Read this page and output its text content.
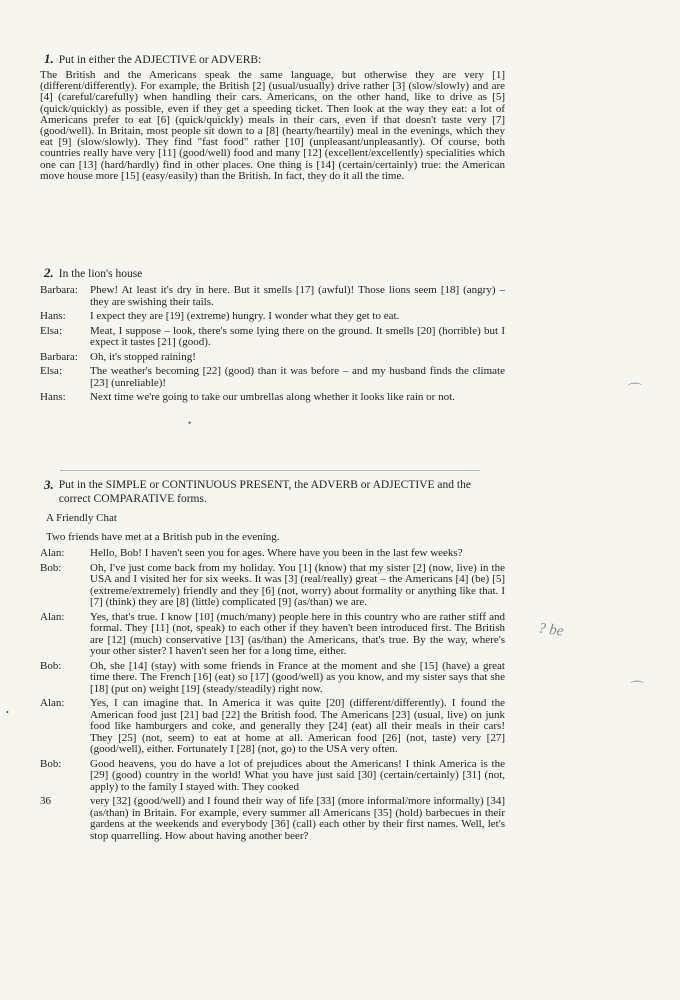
1. Put in either the ADJECTIVE or ADVERB:

The British and the Americans speak the same language, but otherwise they are very [1] (different/differently). For example, the British [2] (usual/usually) drive rather [3] (slow/slowly) and are [4] (careful/carefully) when handling their cars. Americans, on the other hand, like to drive as [5] (quick/quickly) as possible, even if they get a speeding ticket. Then look at the way they eat: a lot of Americans prefer to eat [6] (quick/quickly) meals in their cars, even if that doesn't taste very [7] (good/well). In Britain, most people sit down to a [8] (hearty/heartily) meal in the evenings, which they eat [9] (slow/slowly). They find "fast food" rather [10] (unpleasant/unpleasantly). Of course, both countries really have very [11] (good/well) food and many [12] (excellent/excellently) specialities which one can [13] (hard/hardly) find in other places. One thing is [14] (certain/certainly) true: the American move house more [15] (easy/easily) than the British. In fact, they do it all the time.

2. In the lion's house
Barbara:	Phew! At least it's dry in here. But it smells [17] (awful)! Those lions seem [18] (angry) – they are swishing their tails.
Hans:	I expect they are [19] (extreme) hungry. I wonder what they get to eat.
Elsa:	Meat, I suppose – look, there's some lying there on the ground. It smells [20] (horrible) but I expect it tastes [21] (good).
Barbara:	Oh, it's stopped raining!
Elsa:	The weather's becoming [22] (good) than it was before – and my husband finds the climate [23] (unreliable)!
Hans:	Next time we're going to take our umbrellas along whether it looks like rain or not.
3. Put in the SIMPLE or CONTINUOUS PRESENT, the ADVERB or ADJECTIVE and the correct COMPARATIVE forms.
A Friendly Chat
Two friends have met at a British pub in the evening.
Alan:	Hello, Bob! I haven't seen you for ages. Where have you been in the last few weeks?
Bob:	Oh, I've just come back from my holiday. You [1] (know) that my sister [2] (now, live) in the USA and I visited her for six weeks. It was [3] (real/really) great – the Americans [4] (be) [5] (extreme/extremely) friendly and they [6] (not, worry) about formality or anything like that. I [7] (think) they are [8] (little) complicated [9] (as/than) we are.
Alan:	Yes, that's true. I know [10] (much/many) people here in this country who are rather stiff and formal. They [11] (not, speak) to each other if they haven't been introduced first. The British are [12] (much) conservative [13] (as/than) the Americans, that's true. By the way, where's your other sister? I haven't seen her for a long time, either.
Bob:	Oh, she [14] (stay) with some friends in France at the moment and she [15] (have) a great time there. The French [16] (eat) so [17] (good/well) as you know, and my sister says that she [18] (put on) weight [19] (steady/steadily) right now.
Alan:	Yes, I can imagine that. In America it was quite [20] (different/differently). I found the American food just [21] bad [22] the British food. The Americans [23] (usual, live) on junk food like hamburgers and coke, and generally they [24] (eat) all their meals in their cars! They [25] (not, seem) to eat at home at all. American food [26] (not, taste) very [27] (good/well), either. Fortunately I [28] (not, go) to the USA very often.
Bob:	Good heavens, you do have a lot of prejudices about the Americans! I think America is the [29] (good) country in the world! What you have just said [30] (certain/certainly) [31] (not, apply) to the family I stayed with. They cooked
36	very [32] (good/well) and I found their way of life [33] (more informal/more informally) [34] (as/than) in Britain. For example, every summer all Americans [35] (hold) barbecues in their gardens at the weekends and everybody [36] (call) each other by their first names. Well, let's stop quarrelling. How about having another beer?
? be
⌒
⌒
•
•
